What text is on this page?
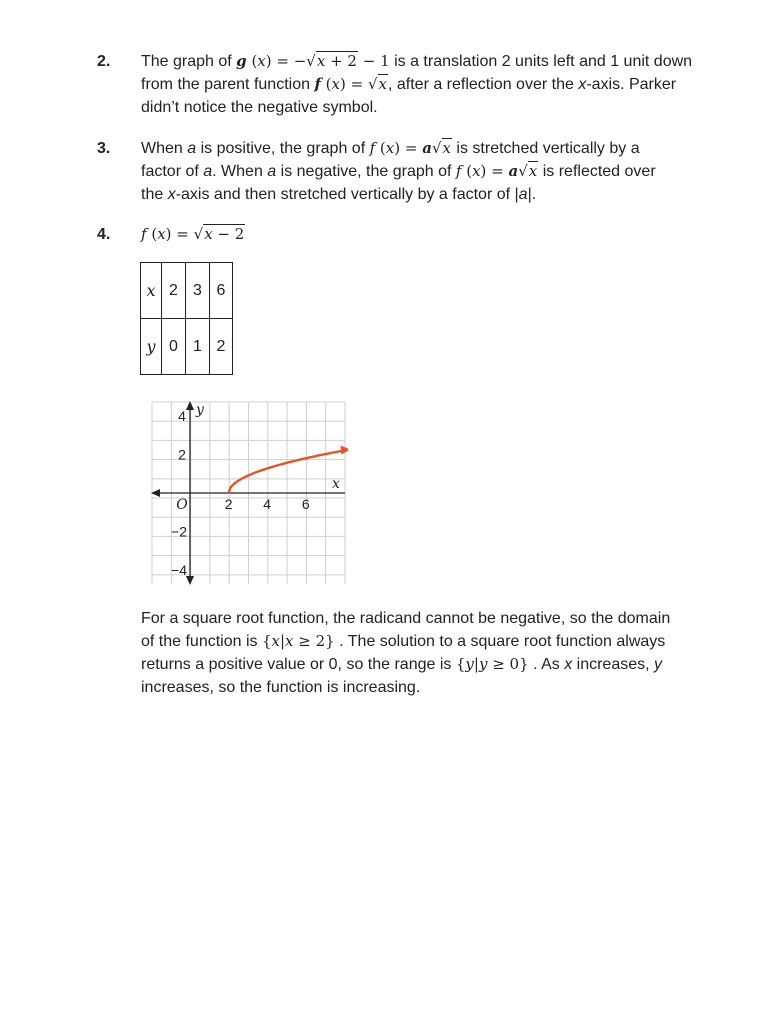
2. The graph of g (x) = −√x + 2 − 1 is a translation 2 units left and 1 unit down
from the parent function f (x) = √x, after a reflection over the x-axis. Parker
didn’t notice the negative symbol.
3. When a is positive, the graph of f (x) = a√x is stretched vertically by a
factor of a. When a is negative, the graph of f (x) = a√x is reflected over
the x-axis and then stretched vertically by a factor of |a|.
4. f (x) = √x − 2
x	2	3	6
y	0	1	2
x
y
O	2 4 6
4
2
−2
−4
For a square root function, the radicand cannot be negative, so the domain
of the function is {x|x ≥ 2} . The solution to a square root function always
returns a positive value or 0, so the range is {y|y ≥ 0} . As x increases, y
increases, so the function is increasing.
